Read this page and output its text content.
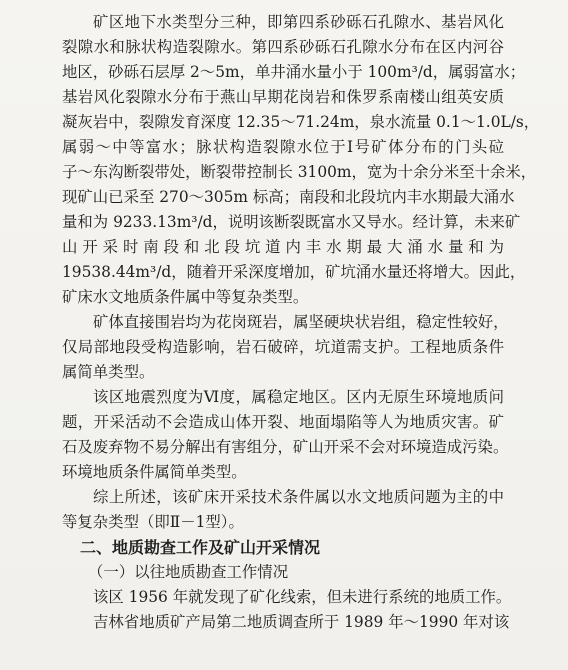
矿区地下水类型分三种，即第四系砂砾石孔隙水、基岩风化
裂隙水和脉状构造裂隙水。第四系砂砾石孔隙水分布在区内河谷
地区，砂砾石层厚 2～5m，单井涌水量小于 100m³/d，属弱富水；
基岩风化裂隙水分布于燕山早期花岗岩和侏罗系南楼山组英安质
凝灰岩中，裂隙发育深度 12.35～71.24m，泉水流量 0.1～1.0L/s，
属弱～中等富水；脉状构造裂隙水位于Ⅰ号矿体分布的门头砬
子～东沟断裂带处，断裂带控制长 3100m，宽为十余分米至十余米，
现矿山已采至 270～305m 标高；南段和北段坑内丰水期最大涌水
量和为 9233.13m³/d，说明该断裂既富水又导水。经计算，未来矿
山开采时南段和北段坑道内丰水期最大涌水量和为
19538.44m³/d，随着开采深度增加，矿坑涌水量还将增大。因此，
矿床水文地质条件属中等复杂类型。
矿体直接围岩均为花岗斑岩，属坚硬块状岩组，稳定性较好，
仅局部地段受构造影响，岩石破碎，坑道需支护。工程地质条件
属简单类型。
该区地震烈度为Ⅵ度，属稳定地区。区内无原生环境地质问
题，开采活动不会造成山体开裂、地面塌陷等人为地质灾害。矿
石及废弃物不易分解出有害组分，矿山开采不会对环境造成污染。
环境地质条件属简单类型。
综上所述，该矿床开采技术条件属以水文地质问题为主的中
等复杂类型（即Ⅱ－1型）。
二、地质勘查工作及矿山开采情况
（一）以往地质勘查工作情况
该区 1956 年就发现了矿化线索，但未进行系统的地质工作。
吉林省地质矿产局第二地质调查所于 1989 年～1990 年对该
